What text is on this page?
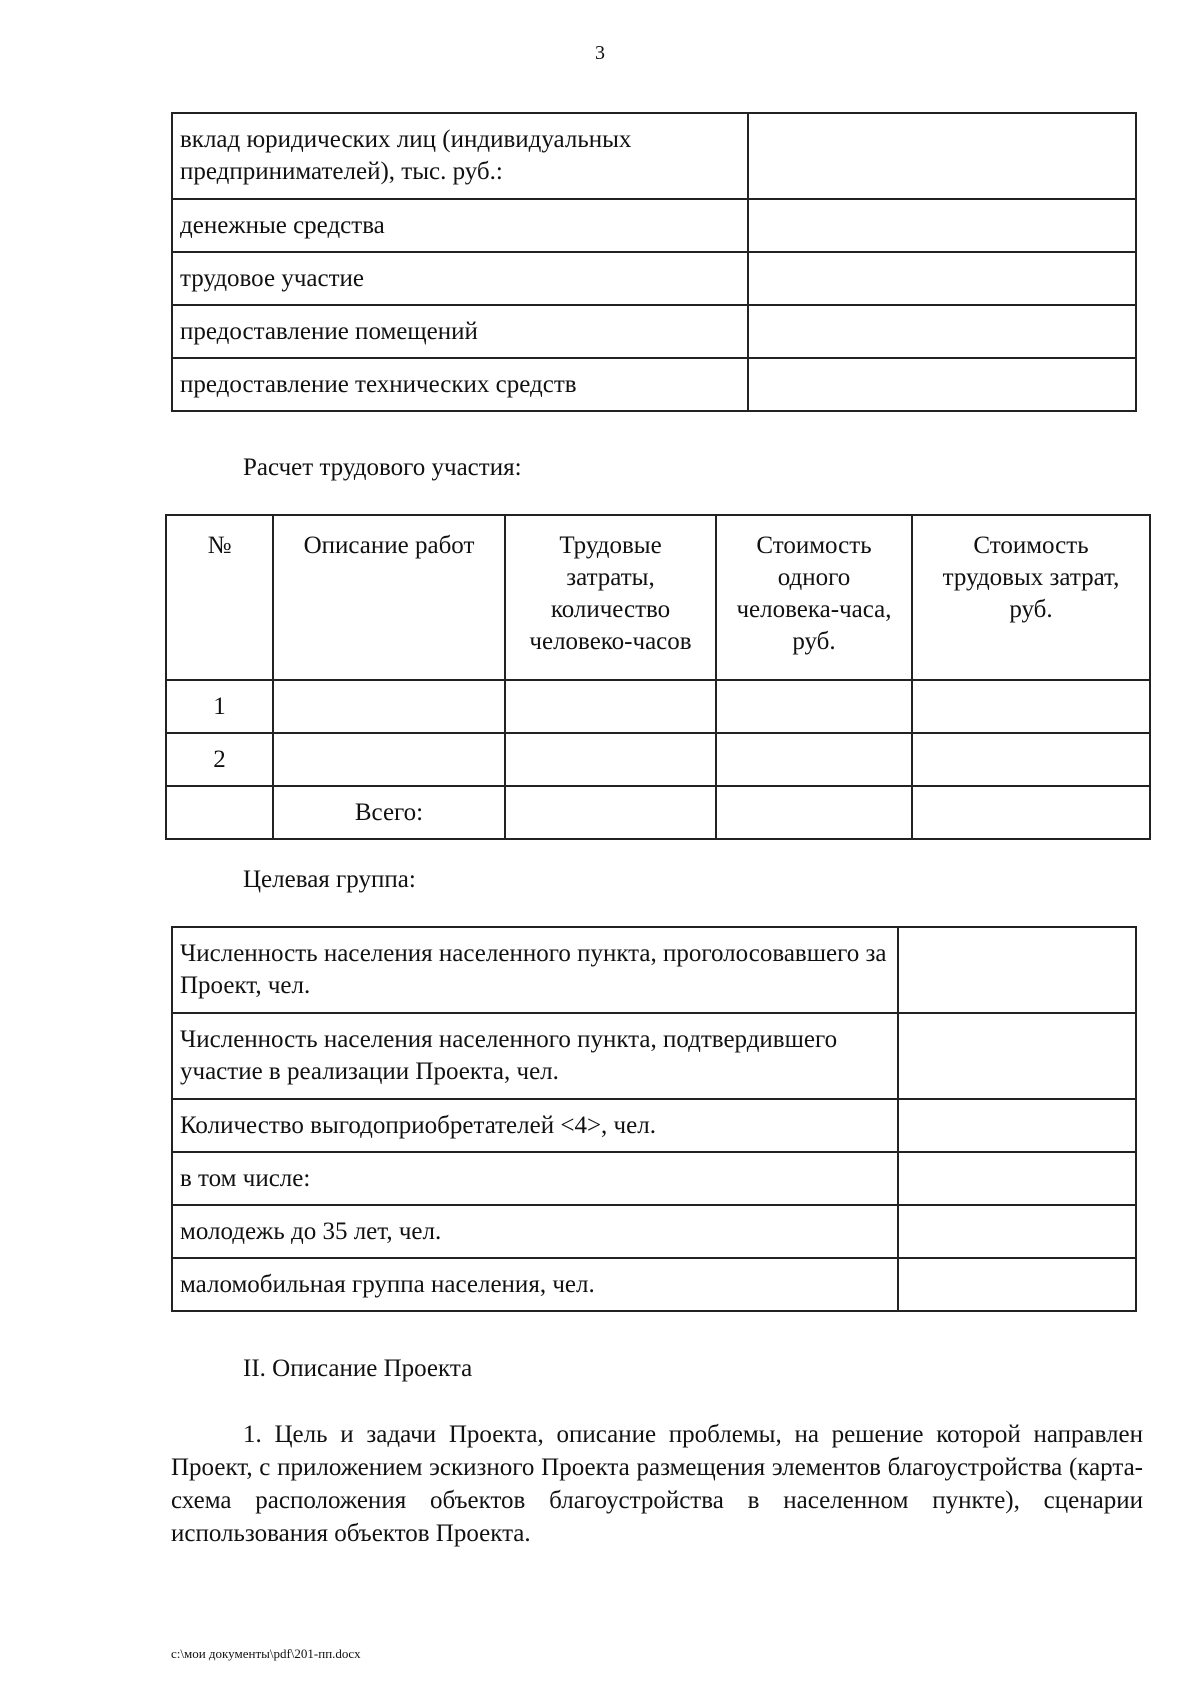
3
вклад юридических лиц (индивидуальных предпринимателей), тыс. руб.:	
денежные средства	
трудовое участие	
предоставление помещений	
предоставление технических средств	
Расчет трудового участия:
№	Описание работ	Трудовые затраты, количество человеко-часов	Стоимость одного человека-часа, руб.	Стоимость трудовых затрат, руб.
1				
2				
	Всего:			
Целевая группа:
Численность населения населенного пункта, проголосовавшего за Проект, чел.	
Численность населения населенного пункта, подтвердившего участие в реализации Проекта, чел.	
Количество выгодоприобретателей <4>, чел.	
в том числе:	
молодежь до 35 лет, чел.	
маломобильная группа населения, чел.	
II. Описание Проекта
1. Цель и задачи Проекта, описание проблемы, на решение которой направлен Проект, с приложением эскизного Проекта размещения элементов благоустройства (карта-схема расположения объектов благоустройства в населенном пункте), сценарии использования объектов Проекта.
c:\мои документы\pdf\201-пп.docx
